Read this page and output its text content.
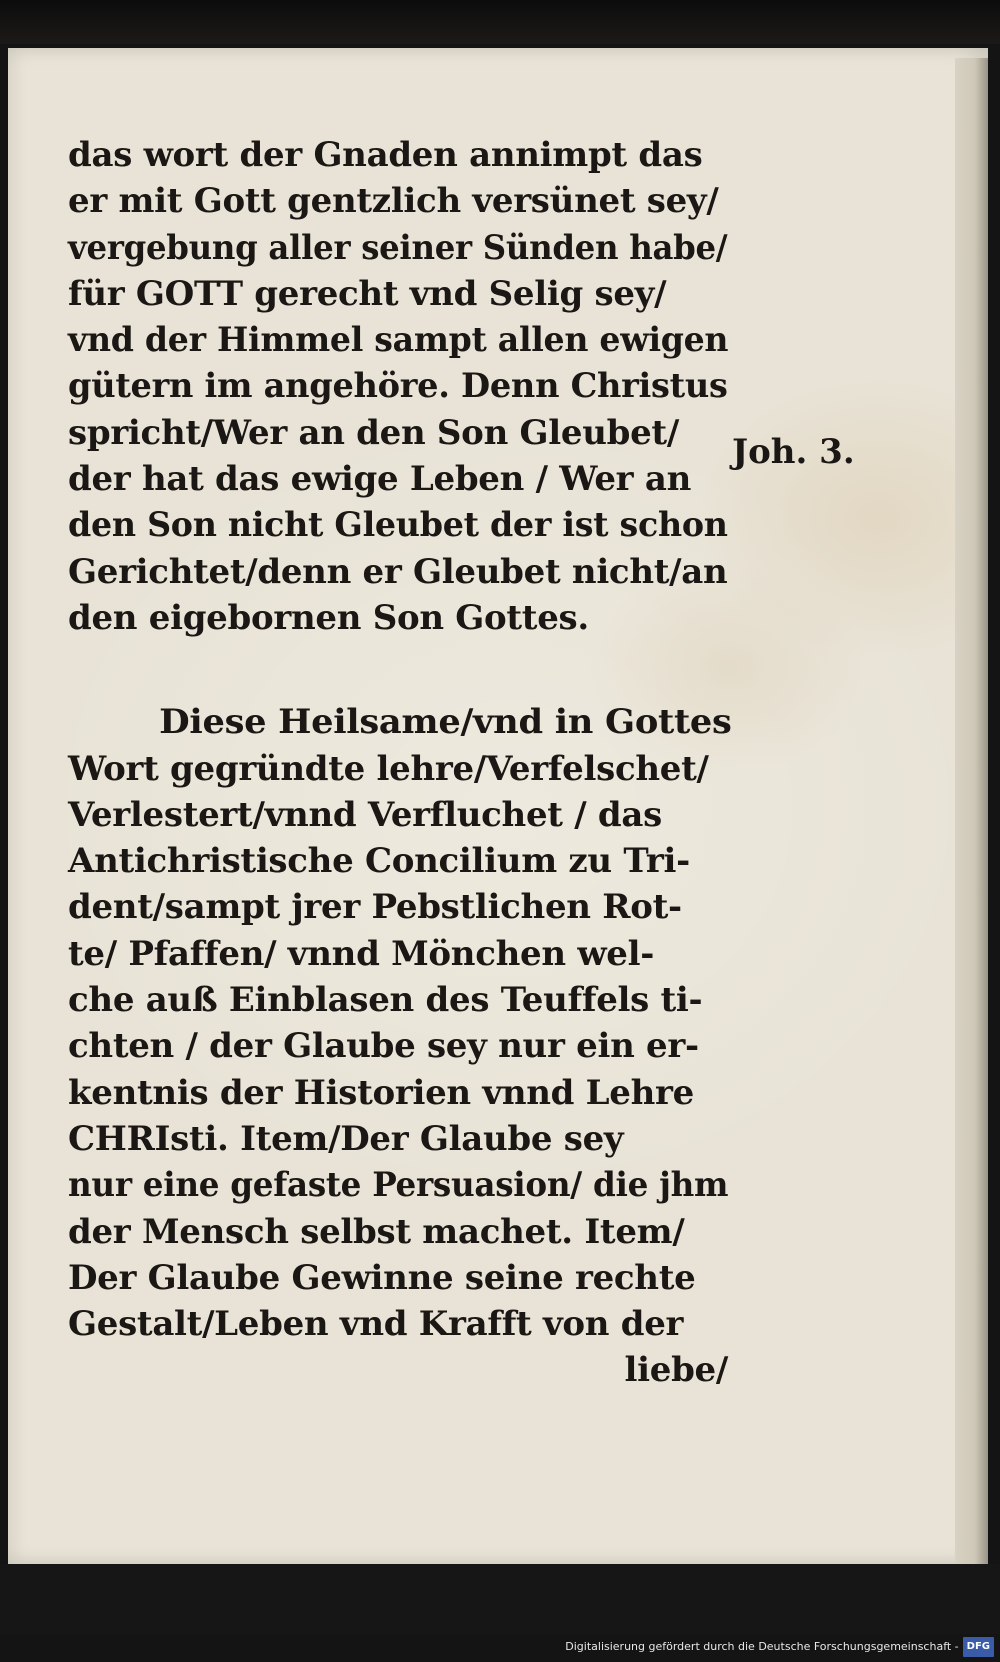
das wort der Gnaden annimpt das
er mit Gott gentzlich versünet sey/
vergebung aller seiner Sünden habe/
für GOTT gerecht vnd Selig sey/
vnd der Himmel sampt allen ewigen
gütern im angehöre. Denn Christus
spricht/Wer an den Son Gleubet/
der hat das ewige Leben / Wer an
den Son nicht Gleubet der ist schon
Gerichtet/denn er Gleubet nicht/an
den eigebornen Son Gottes.
Diese Heilsame/vnd in Gottes
Wort gegründte lehre/Verfelschet/
Verlestert/vnnd Verfluchet / das
Antichristische Concilium zu Tri-
dent/sampt jrer Pebstlichen Rot-
te/ Pfaffen/ vnnd Mönchen wel-
che auß Einblasen des Teuffels ti-
chten / der Glaube sey nur ein er-
kentnis der Historien vnnd Lehre
CHRIsti. Item/Der Glaube sey
nur eine gefaste Persuasion/ die jhm
der Mensch selbst machet. Item/
Der Glaube Gewinne seine rechte
Gestalt/Leben vnd Krafft von der
liebe/
Joh. 3.
Digitalisierung gefördert durch die Deutsche Forschungsgemeinschaft - DFG
